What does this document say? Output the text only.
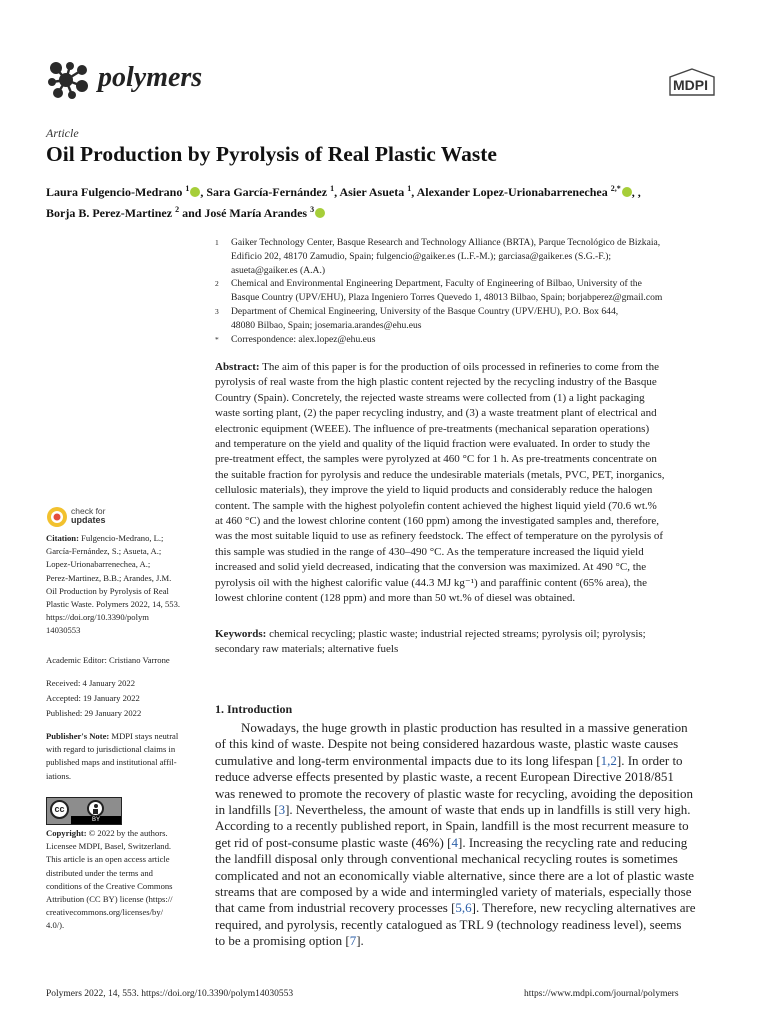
polymers	MDPI
Article
Oil Production by Pyrolysis of Real Plastic Waste
Laura Fulgencio-Medrano $^1$ , Sara García-Fernández $^1$, Asier Asueta $^1$, Alexander Lopez-Urionabarrenechea $^{2,*}$ , ,
Borja B. Perez-Martinez $^2$ and José María Arandes $^3$
1 Gaiker Technology Center, Basque Research and Technology Alliance (BRTA), Parque Tecnológico de Bizkaia,
Edificio 202, 48170 Zamudio, Spain; fulgencio@gaiker.es (L.F.-M.); garciasa@gaiker.es (S.G.-F.);
asueta@gaiker.es (A.A.)
2 Chemical and Environmental Engineering Department, Faculty of Engineering of Bilbao, University of the
Basque Country (UPV/EHU), Plaza Ingeniero Torres Quevedo 1, 48013 Bilbao, Spain; borjabperez@gmail.com
3 Department of Chemical Engineering, University of the Basque Country (UPV/EHU), P.O. Box 644,
48080 Bilbao, Spain; josemaria.arandes@ehu.eus
* Correspondence: alex.lopez@ehu.eus
Abstract: The aim of this paper is for the production of oils processed in refineries to come from the
pyrolysis of real waste from the high plastic content rejected by the recycling industry of the Basque
Country (Spain). Concretely, the rejected waste streams were collected from (1) a light packaging
waste sorting plant, (2) the paper recycling industry, and (3) a waste treatment plant of electrical and
electronic equipment (WEEE). The influence of pre-treatments (mechanical separation operations)
and temperature on the yield and quality of the liquid fraction were evaluated. In order to study the
pre-treatment effect, the samples were pyrolyzed at 460 °C for 1 h. As pre-treatments concentrate on
the suitable fraction for pyrolysis and reduce the undesirable materials (metals, PVC, PET, inorganics,
cellulosic materials), they improve the yield to liquid products and considerably reduce the halogen
content. The sample with the highest polyolefin content achieved the highest liquid yield (70.6 wt.%
at 460 °C) and the lowest chlorine content (160 ppm) among the investigated samples and, therefore,
was the most suitable liquid to use as refinery feedstock. The effect of temperature on the pyrolysis of
this sample was studied in the range of 430–490 °C. As the temperature increased the liquid yield
increased and solid yield decreased, indicating that the conversion was maximized. At 490 °C, the
pyrolysis oil with the highest calorific value (44.3 MJ kg⁻¹) and paraffinic content (65% area), the
lowest chlorine content (128 ppm) and more than 50 wt.% of diesel was obtained.
Keywords: chemical recycling; plastic waste; industrial rejected streams; pyrolysis oil; pyrolysis;
secondary raw materials; alternative fuels
1. Introduction
Nowadays, the huge growth in plastic production has resulted in a massive generation
of this kind of waste. Despite not being considered hazardous waste, plastic waste causes
cumulative and long-term environmental impacts due to its long lifespan [1,2]. In order to
reduce adverse effects presented by plastic waste, a recent European Directive 2018/851
was renewed to promote the recovery of plastic waste for recycling, avoiding the deposition
in landfills [3]. Nevertheless, the amount of waste that ends up in landfills is still very high.
According to a recently published report, in Spain, landfill is the most recurrent measure to
get rid of post-consume plastic waste (46%) [4]. Increasing the recycling rate and reducing
the landfill disposal only through conventional mechanical recycling routes is sometimes
complicated and not an economically viable alternative, since there are a lot of plastic waste
streams that are composed by a wide and intermingled variety of materials, especially those
that came from industrial recovery processes [5,6]. Therefore, new recycling alternatives are
required, and pyrolysis, recently catalogued as TRL 9 (technology readiness level), seems
to be a promising option [7].
check for
updates
Citation: Fulgencio-Medrano, L.;
García-Fernández, S.; Asueta, A.;
Lopez-Urionabarrenechea, A.;
Perez-Martinez, B.B.; Arandes, J.M.
Oil Production by Pyrolysis of Real
Plastic Waste. Polymers 2022, 14, 553.
https://doi.org/10.3390/polym
14030553
Academic Editor: Cristiano Varrone
Received: 4 January 2022
Accepted: 19 January 2022
Published: 29 January 2022
Publisher's Note: MDPI stays neutral
with regard to jurisdictional claims in
published maps and institutional affil-
iations.
cc
BY
Copyright: © 2022 by the authors.
Licensee MDPI, Basel, Switzerland.
This article is an open access article
distributed under the terms and
conditions of the Creative Commons
Attribution (CC BY) license (https://
creativecommons.org/licenses/by/
4.0/).
Polymers 2022, 14, 553. https://doi.org/10.3390/polym14030553	https://www.mdpi.com/journal/polymers
